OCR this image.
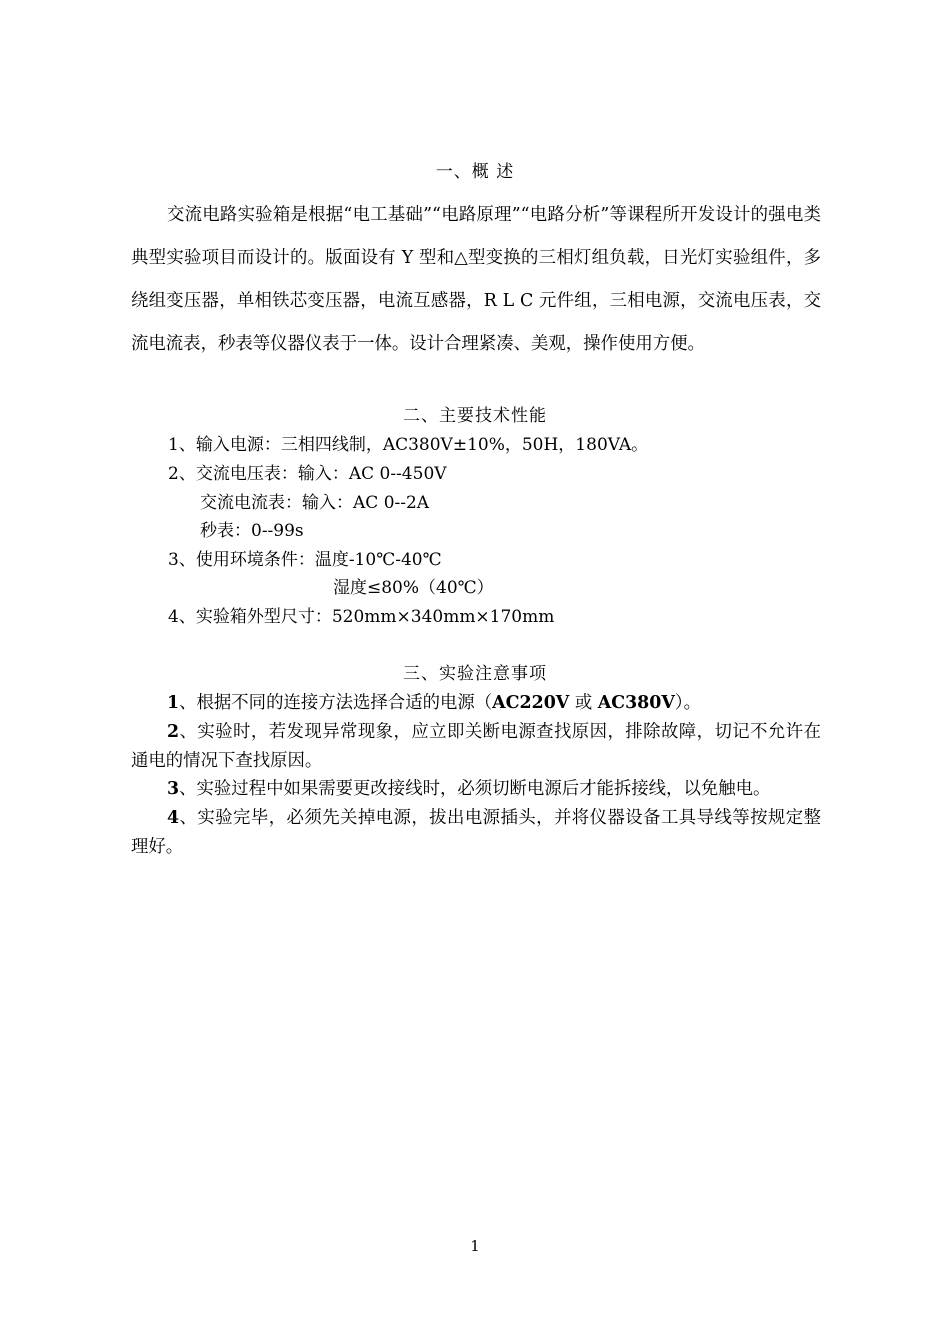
一、概 述

交流电路实验箱是根据“电工基础”“电路原理”“电路分析”等课程所开发设计的强电类典型实验项目而设计的。版面设有 Y 型和△型变换的三相灯组负载，日光灯实验组件，多绕组变压器，单相铁芯变压器，电流互感器，R L C 元件组，三相电源，交流电压表，交流电流表，秒表等仪器仪表于一体。设计合理紧凑、美观，操作使用方便。

二、主要技术性能
1、输入电源：三相四线制，AC380V±10%，50H，180VA。
2、交流电压表：输入：AC 0--450V
交流电流表：输入：AC 0--2A
秒表：0--99s
3、使用环境条件：温度-10℃-40℃
湿度≤80%（40℃）
4、实验箱外型尺寸：520mm×340mm×170mm
三、实验注意事项

1、根据不同的连接方法选择合适的电源（AC220V 或 AC380V）。

2、实验时，若发现异常现象，应立即关断电源查找原因，排除故障，切记不允许在通电的情况下查找原因。

3、实验过程中如果需要更改接线时，必须切断电源后才能拆接线，以免触电。

4、实验完毕，必须先关掉电源，拔出电源插头，并将仪器设备工具导线等按规定整理好。

1
